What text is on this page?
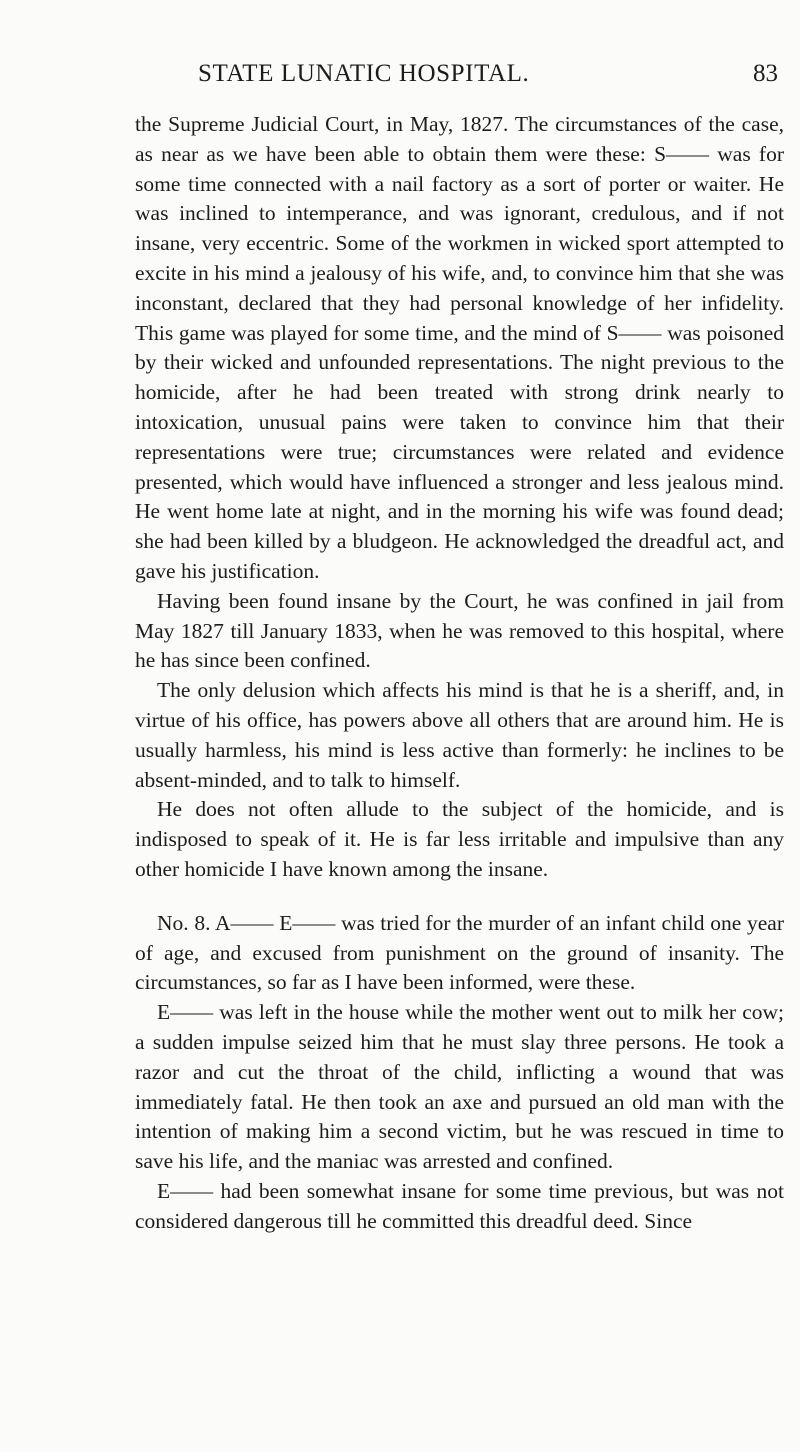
STATE LUNATIC HOSPITAL.	83

the Supreme Judicial Court, in May, 1827. The circumstances of the case, as near as we have been able to obtain them were these: S—— was for some time connected with a nail factory as a sort of porter or waiter. He was inclined to intemperance, and was ignorant, credulous, and if not insane, very eccentric. Some of the workmen in wicked sport attempted to excite in his mind a jealousy of his wife, and, to convince him that she was inconstant, declared that they had personal knowledge of her infidelity. This game was played for some time, and the mind of S—— was poisoned by their wicked and unfounded representations. The night previous to the homicide, after he had been treated with strong drink nearly to intoxication, unusual pains were taken to convince him that their representations were true; circumstances were related and evidence presented, which would have influenced a stronger and less jealous mind. He went home late at night, and in the morning his wife was found dead; she had been killed by a bludgeon. He acknowledged the dreadful act, and gave his justification.

Having been found insane by the Court, he was confined in jail from May 1827 till January 1833, when he was removed to this hospital, where he has since been confined.

The only delusion which affects his mind is that he is a sheriff, and, in virtue of his office, has powers above all others that are around him. He is usually harmless, his mind is less active than formerly: he inclines to be absent-minded, and to talk to himself.

He does not often allude to the subject of the homicide, and is indisposed to speak of it. He is far less irritable and impulsive than any other homicide I have known among the insane.

No. 8. A—— E—— was tried for the murder of an infant child one year of age, and excused from punishment on the ground of insanity. The circumstances, so far as I have been informed, were these.

E—— was left in the house while the mother went out to milk her cow; a sudden impulse seized him that he must slay three persons. He took a razor and cut the throat of the child, inflicting a wound that was immediately fatal. He then took an axe and pursued an old man with the intention of making him a second victim, but he was rescued in time to save his life, and the maniac was arrested and confined.

E—— had been somewhat insane for some time previous, but was not considered dangerous till he committed this dreadful deed. Since
